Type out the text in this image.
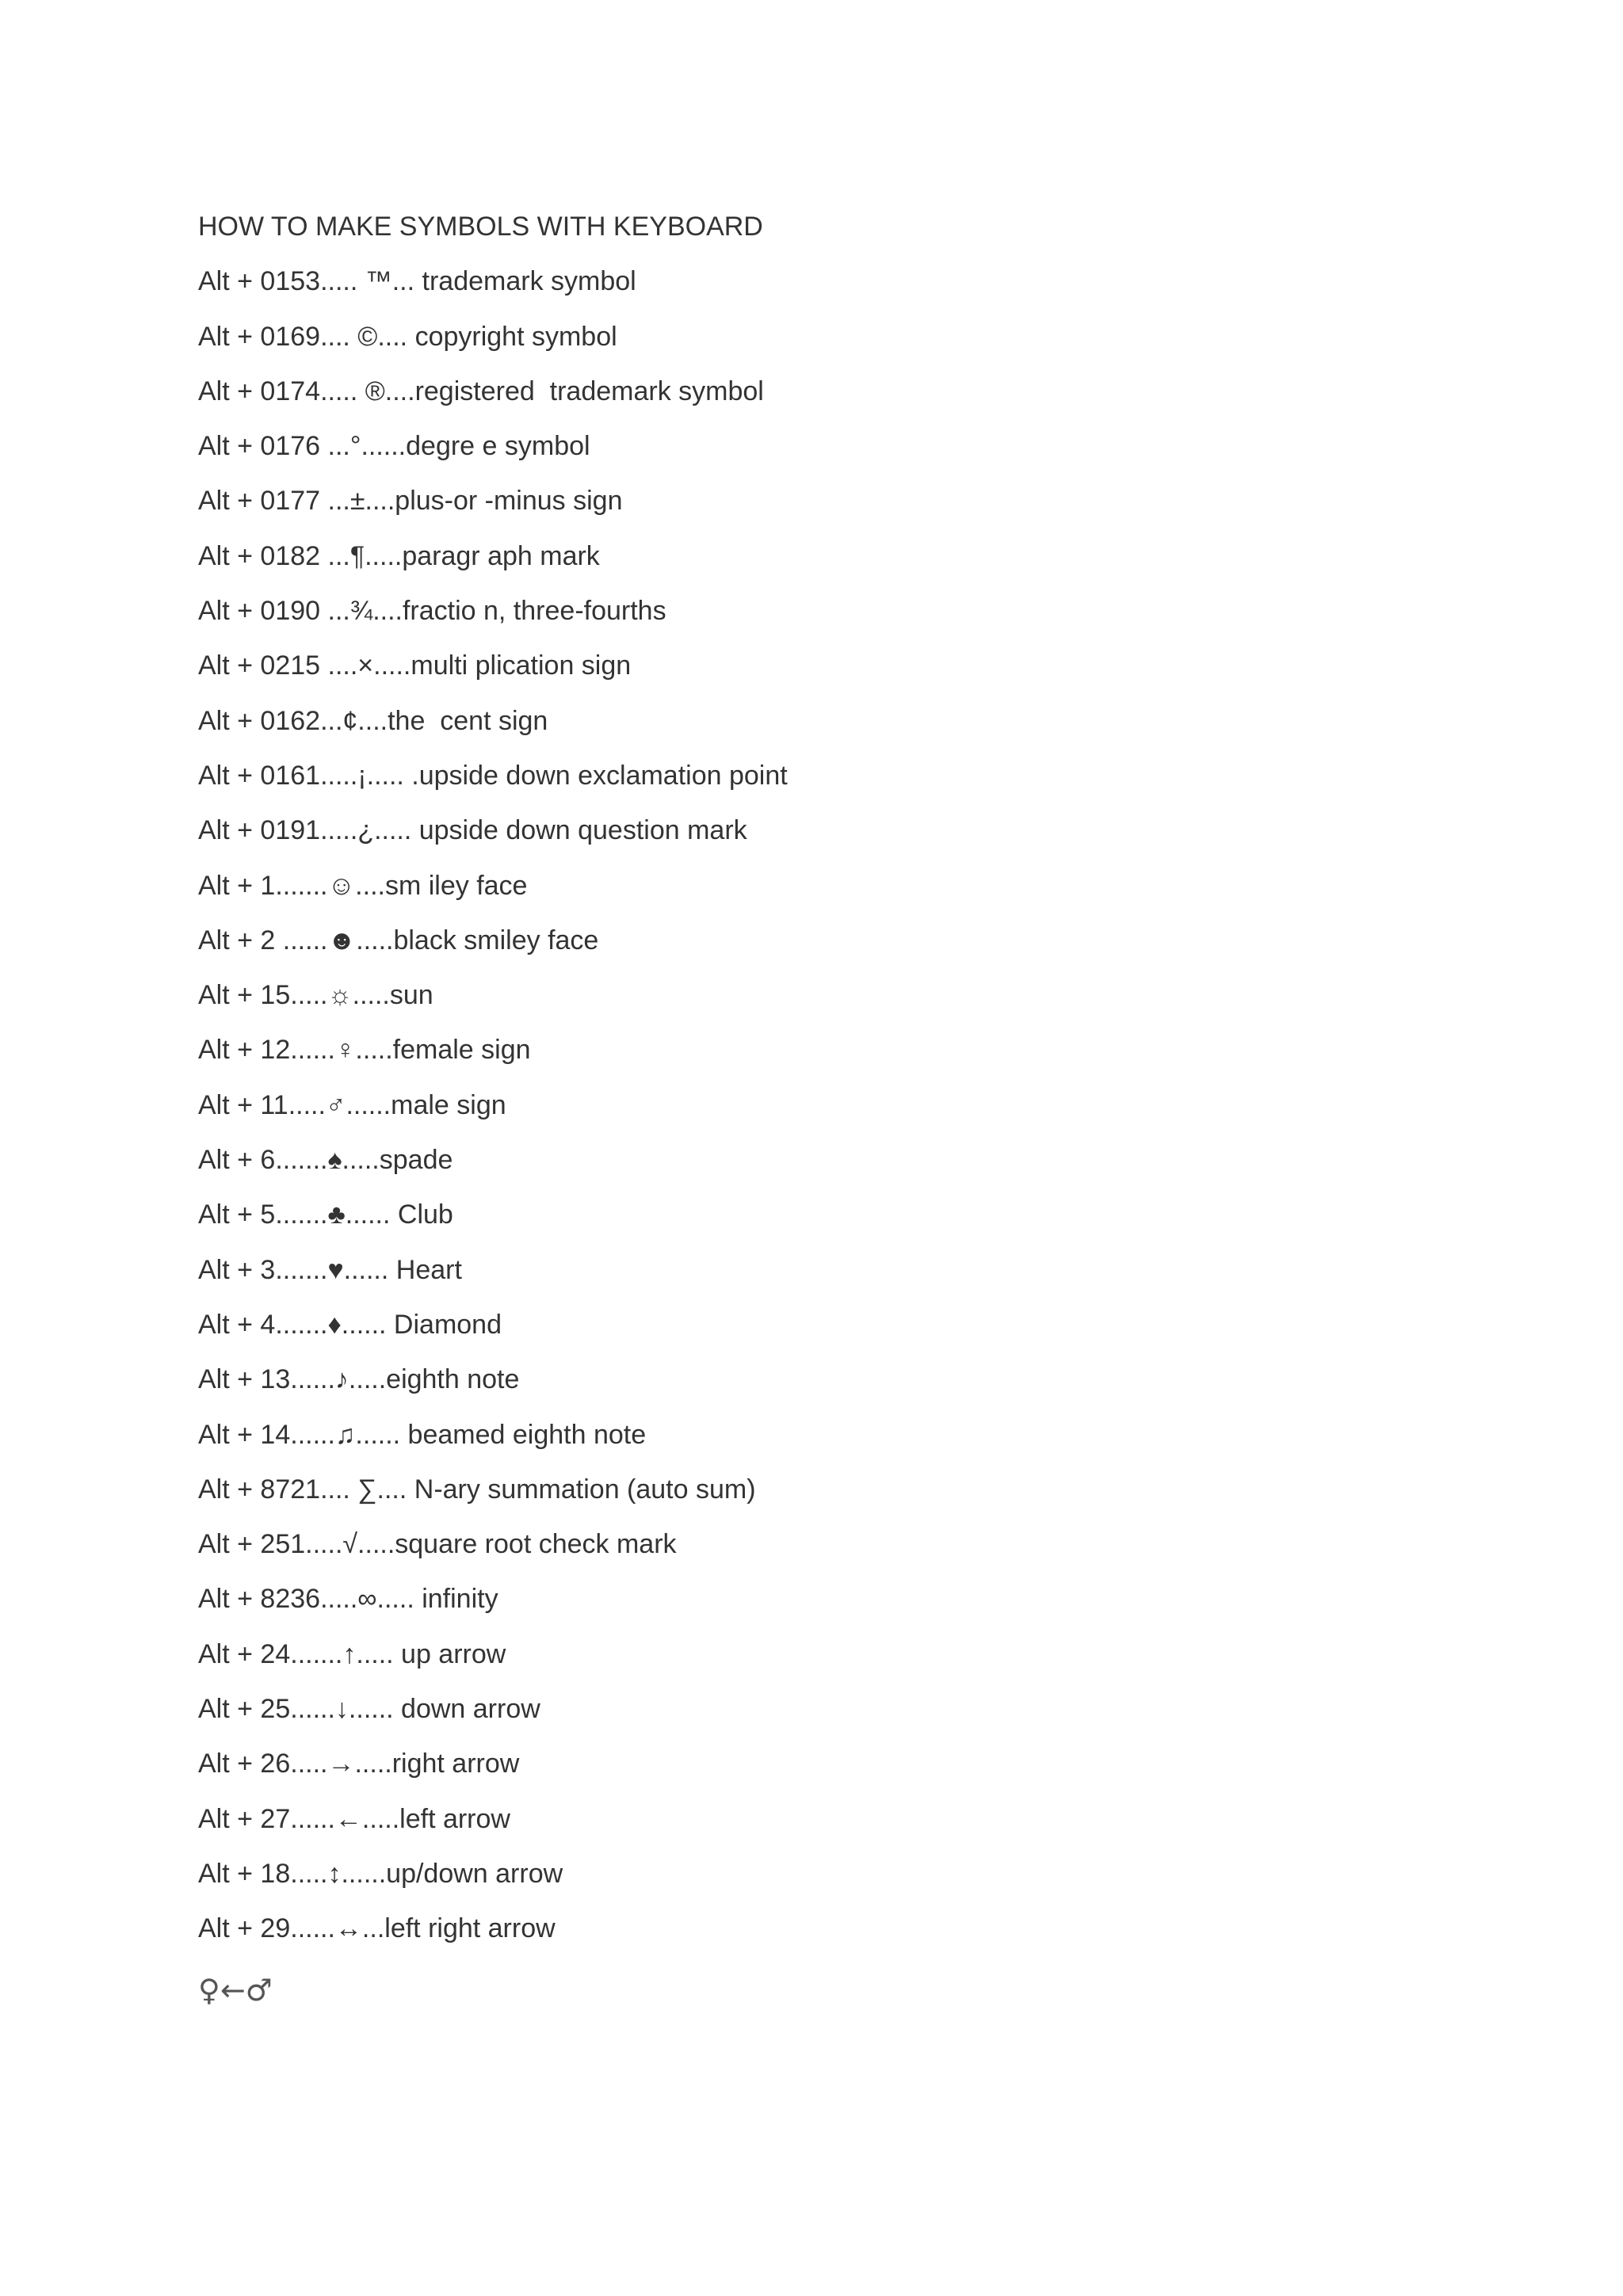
HOW TO MAKE SYMBOLS WITH KEYBOARD
Alt + 0153..... ™... trademark symbol
Alt + 0169.... ©.... copyright symbol
Alt + 0174..... ®....registered  trademark symbol
Alt + 0176 ...°......degre e symbol
Alt + 0177 ...±....plus-or -minus sign
Alt + 0182 ...¶.....paragr aph mark
Alt + 0190 ...¾....fractio n, three-fourths
Alt + 0215 ....×.....multi plication sign
Alt + 0162...¢....the  cent sign
Alt + 0161.....¡..... .upside down exclamation point
Alt + 0191.....¿..... upside down question mark
Alt + 1.......☺....sm iley face
Alt + 2 ......☻.....black smiley face
Alt + 15.....☼.....sun
Alt + 12......♀.....female sign
Alt + 11.....♂......male sign
Alt + 6.......♠.....spade
Alt + 5.......♣...... Club
Alt + 3.......♥...... Heart
Alt + 4.......♦...... Diamond
Alt + 13......♪.....eighth note
Alt + 14......♫...... beamed eighth note
Alt + 8721.... ∑.... N-ary summation (auto sum)
Alt + 251.....√.....square root check mark
Alt + 8236.....∞..... infinity
Alt + 24.......↑..... up arrow
Alt + 25......↓...... down arrow
Alt + 26.....→.....right arrow
Alt + 27......←.....left arrow
Alt + 18.....↕......up/down arrow
Alt + 29......↔...left right arrow
♀←♂
